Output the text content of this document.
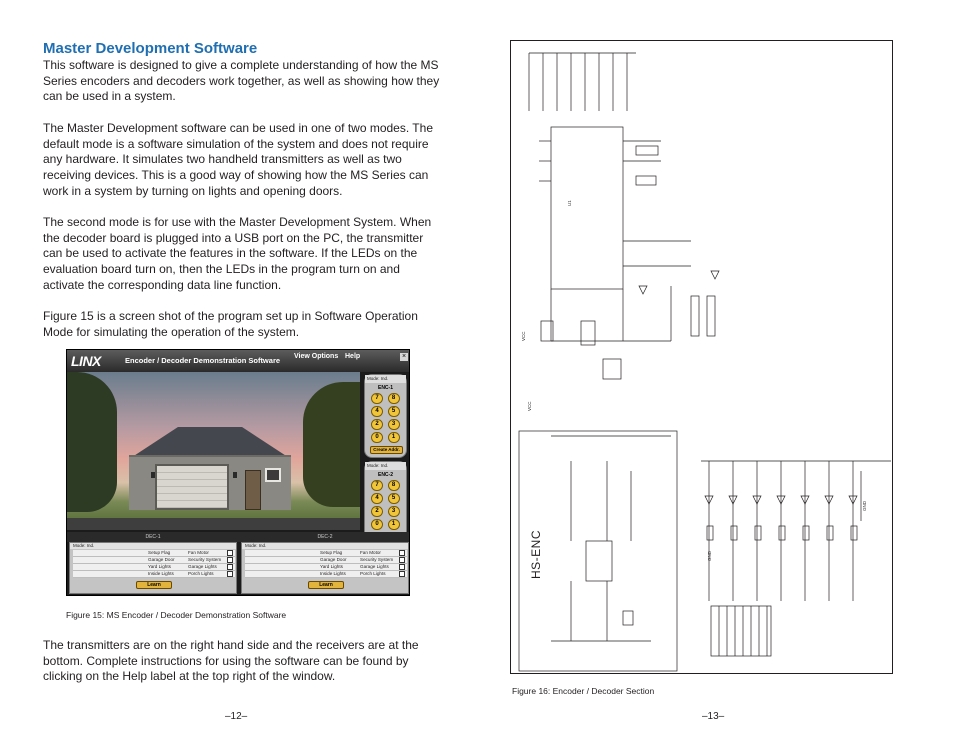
Master Development Software

This software is designed to give a complete understanding of how the MS Series encoders and decoders work together, as well as showing how they can be used in a system.

The Master Development software can be used in one of two modes. The default mode is a software simulation of the system and does not require any hardware. It simulates two handheld transmitters as well as two receiving devices. This is a good way of showing how the MS Series can work in a system by turning on lights and opening doors.

The second mode is for use with the Master Development System. When the decoder board is plugged into a USB port on the PC, the transmitter can be used to activate the features in the software. If the LEDs on the evaluation board turn on, then the LEDs in the program turn on and activate the corresponding data line function.

Figure 15 is a screen shot of the program set up in Software Operation Mode for simulating the operation of the system.

LINX	Encoder / Decoder Demonstration Software View Options Help	×
Mode: Ind.
ENC-1
7	8
4	5
2	3
0	1
Create Addr.
Mode: Ind.
ENC-2
7	8
4	5
2	3
0	1
DEC-1	DEC-2
Mode: Ind.
Setup Flag	Fan Motor
Garage Door	Security System
Yard Lights	Garage Lights
Inside Lights	Porch Lights
Learn
Mode: Ind.
Setup Flag	Fan Motor
Garage Door	Security System
Yard Lights	Garage Lights
Inside Lights	Porch Lights
Learn
Figure 15: MS Encoder / Decoder Demonstration Software

The transmitters are on the right hand side and the receivers are at the bottom. Complete instructions for using the software can be found by clicking on the Help label at the top right of the window.

–12–
U1
VCC
GND
GND
VCC
HS-ENC
Figure 16: Encoder / Decoder Section
–13–
